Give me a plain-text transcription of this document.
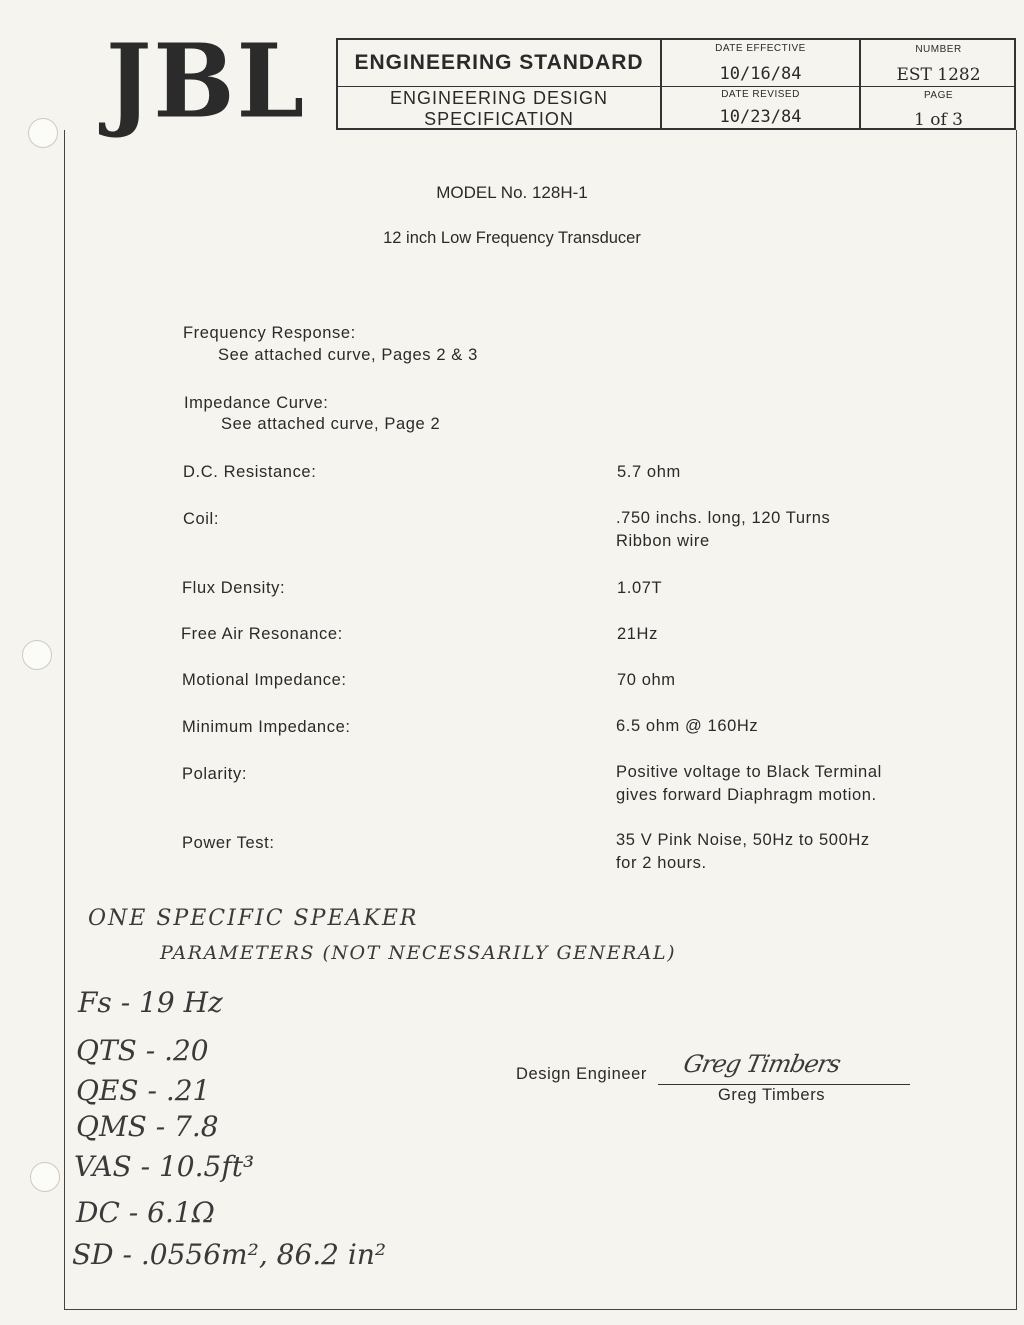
JBL	ENGINEERING STANDARD
ENGINEERING DESIGN
SPECIFICATION
DATE EFFECTIVE
10/16/84
DATE REVISED
10/23/84
NUMBER
EST 1282
PAGE
1 of 3
MODEL No. 128H-1
12 inch Low Frequency Transducer
Frequency Response:
See attached curve, Pages 2 & 3
Impedance Curve:
See attached curve, Page 2
D.C. Resistance:	5.7 ohm
Coil:	.750 inchs. long, 120 Turns
Ribbon wire
Flux Density:	1.07T
Free Air Resonance:	21Hz
Motional Impedance:	70 ohm
Minimum Impedance:	6.5 ohm @ 160Hz
Polarity:	Positive voltage to Black Terminal
gives forward Diaphragm motion.
Power Test:	35 V Pink Noise, 50Hz to 500Hz
for 2 hours.
ONE SPECIFIC SPEAKER
PARAMETERS (NOT NECESSARILY GENERAL)
Fs - 19 Hz
QTS - .20
QES - .21
QMS - 7.8
VAS - 10.5ft³
DC - 6.1Ω
SD - .0556m², 86.2 in²
Design Engineer Greg Timbers
Greg Timbers
